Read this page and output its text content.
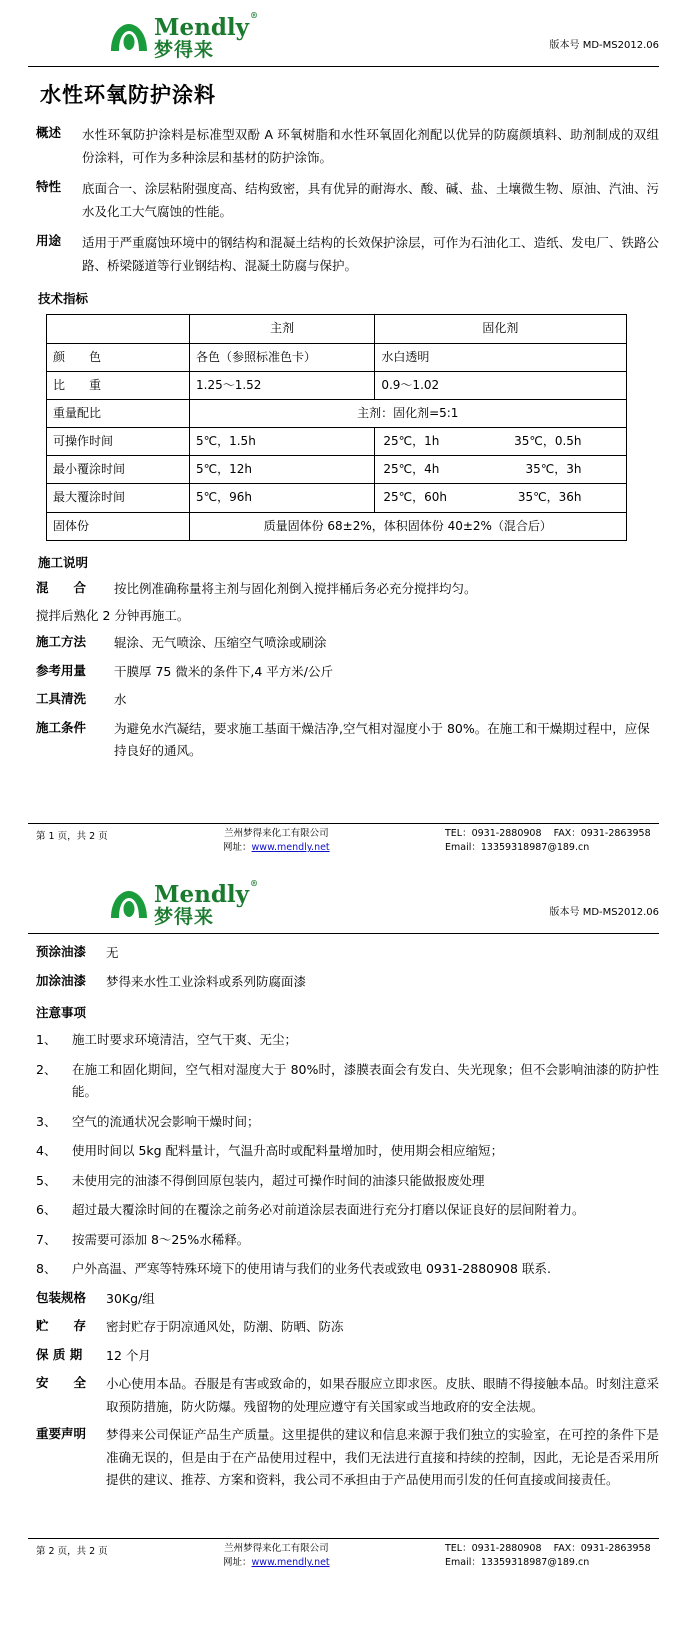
Mendly®
梦得来	版本号 MD-MS2012.06
水性环氧防护涂料
概述	水性环氧防护涂料是标准型双酚 A 环氧树脂和水性环氧固化剂配以优异的防腐颜填料、助剂制成的双组份涂料，可作为多种涂层和基材的防护涂饰。
特性	底面合一、涂层粘附强度高、结构致密，具有优异的耐海水、酸、碱、盐、土壤微生物、原油、汽油、污水及化工大气腐蚀的性能。
用途	适用于严重腐蚀环境中的钢结构和混凝土结构的长效保护涂层，可作为石油化工、造纸、发电厂、铁路公路、桥梁隧道等行业钢结构、混凝土防腐与保护。
技术指标
	主剂	固化剂
颜　　色	各色（参照标准色卡）	水白透明
比　　重	1.25～1.52	0.9～1.02
重量配比	主剂：固化剂=5:1	
可操作时间	5℃，1.5h	25℃，1h 35℃，0.5h

最小覆涂时间	5℃，12h	25℃，4h 35℃，3h

最大覆涂时间	5℃，96h	25℃，60h 35℃，36h

固体份	质量固体份 68±2%，体积固体份 40±2%（混合后）	
施工说明
混　　合	按比例准确称量将主剂与固化剂倒入搅拌桶后务必充分搅拌均匀。
搅拌后熟化 2 分钟再施工。
施工方法	辊涂、无气喷涂、压缩空气喷涂或刷涂
参考用量	干膜厚 75 微米的条件下,4 平方米/公斤
工具清洗	水
施工条件	为避免水汽凝结，要求施工基面干燥洁净,空气相对湿度小于 80%。在施工和干燥期过程中，应保持良好的通风。
第 1 页，共 2 页	兰州梦得来化工有限公司
网址：www.mendly.net
TEL：0931-2880908 FAX：0931-2863958
Email：13359318987@189.cn
Mendly®
梦得来	版本号 MD-MS2012.06
预涂油漆	无
加涂油漆	梦得来水性工业涂料或系列防腐面漆
注意事项
1、	施工时要求环境清洁，空气干爽、无尘；
2、	在施工和固化期间，空气相对湿度大于 80%时，漆膜表面会有发白、失光现象；但不会影响油漆的防护性能。
3、	空气的流通状况会影响干燥时间；
4、	使用时间以 5kg 配料量计，气温升高时或配料量增加时，使用期会相应缩短；
5、	未使用完的油漆不得倒回原包装内，超过可操作时间的油漆只能做报废处理
6、	超过最大覆涂时间的在覆涂之前务必对前道涂层表面进行充分打磨以保证良好的层间附着力。
7、	按需要可添加 8～25%水稀释。
8、	户外高温、严寒等特殊环境下的使用请与我们的业务代表或致电 0931-2880908 联系.
包装规格	30Kg/组
贮　　存	密封贮存于阴凉通风处，防潮、防晒、防冻
保 质 期	12 个月
安　　全	小心使用本品。吞服是有害或致命的，如果吞服应立即求医。皮肤、眼睛不得接触本品。时刻注意采取预防措施，防火防爆。残留物的处理应遵守有关国家或当地政府的安全法规。
重要声明	梦得来公司保证产品生产质量。这里提供的建议和信息来源于我们独立的实验室，在可控的条件下是准确无误的，但是由于在产品使用过程中，我们无法进行直接和持续的控制，因此，无论是否采用所提供的建议、推荐、方案和资料，我公司不承担由于产品使用而引发的任何直接或间接责任。
第 2 页，共 2 页	兰州梦得来化工有限公司
网址：www.mendly.net
TEL：0931-2880908 FAX：0931-2863958
Email：13359318987@189.cn
